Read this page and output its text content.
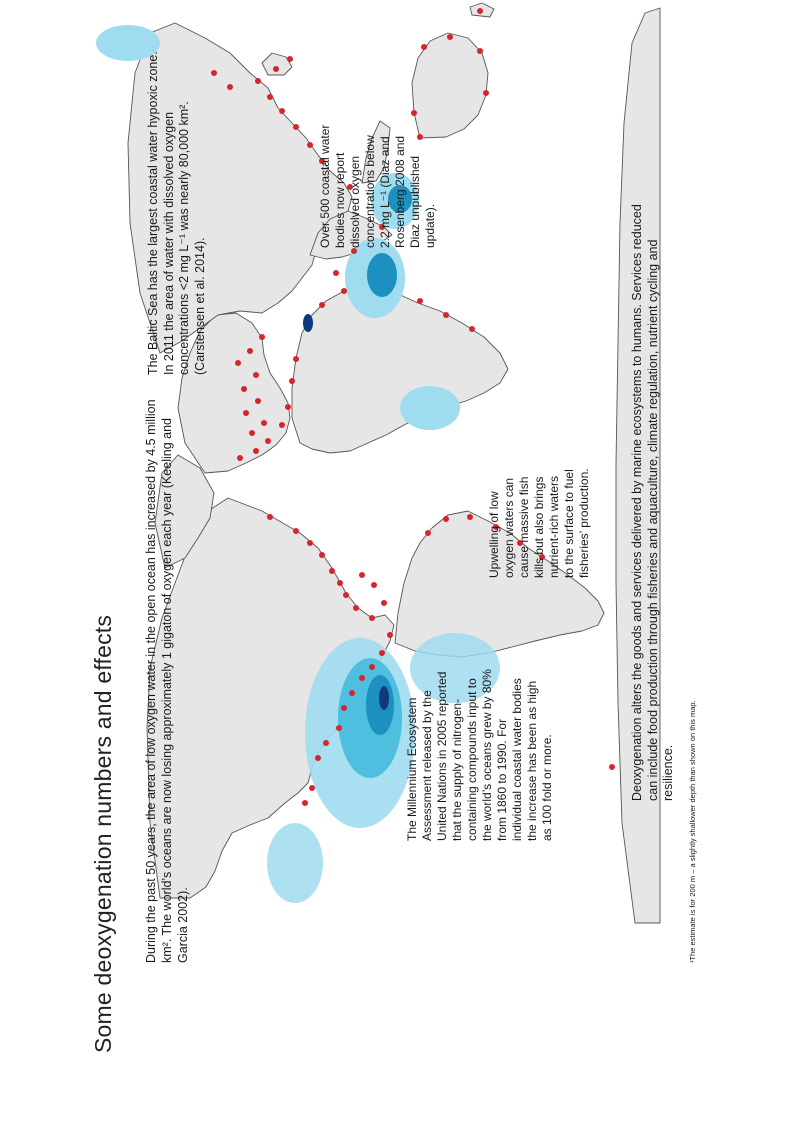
Some deoxygenation numbers and effects During the past 50 years, the area of low oxygen water in the open ocean has increased by 4.5 million km². The world’s oceans are now losing approximately 1 gigaton of oxygen each year (Keeling and Garcia 2002).

The Baltic Sea has the largest coastal water hypoxic zone. In 2011 the area of water with dissolved oxygen concentrations <2 mg L⁻¹ was nearly 80,000 km². (Carstensen et al. 2014).

The Millennium Ecosystem Assessment released by the United Nations in 2005 reported that the supply of nitrogen-containing compounds input to the world’s oceans grew by 80% from 1860 to 1990. For individual coastal water bodies the increase has been as high as 100 fold or more.

Upwelling of low oxygen waters can cause massive fish kills but also brings nutrient-rich waters to the surface to fuel fisheries’ production.

Over 500 coastal water bodies now report dissolved oxygen concentrations below 2.2 mg L⁻¹ (Diaz and Rosenberg 2008 and Diaz unpublished update).	Deoxygenation alters the goods and services delivered by marine ecosystems to humans. Services reduced can include food production through fisheries and aquaculture, climate regulation, nutrient cycling and resilience. ¹The estimate is for 200 m – a slightly shallower depth than shown on this map.
